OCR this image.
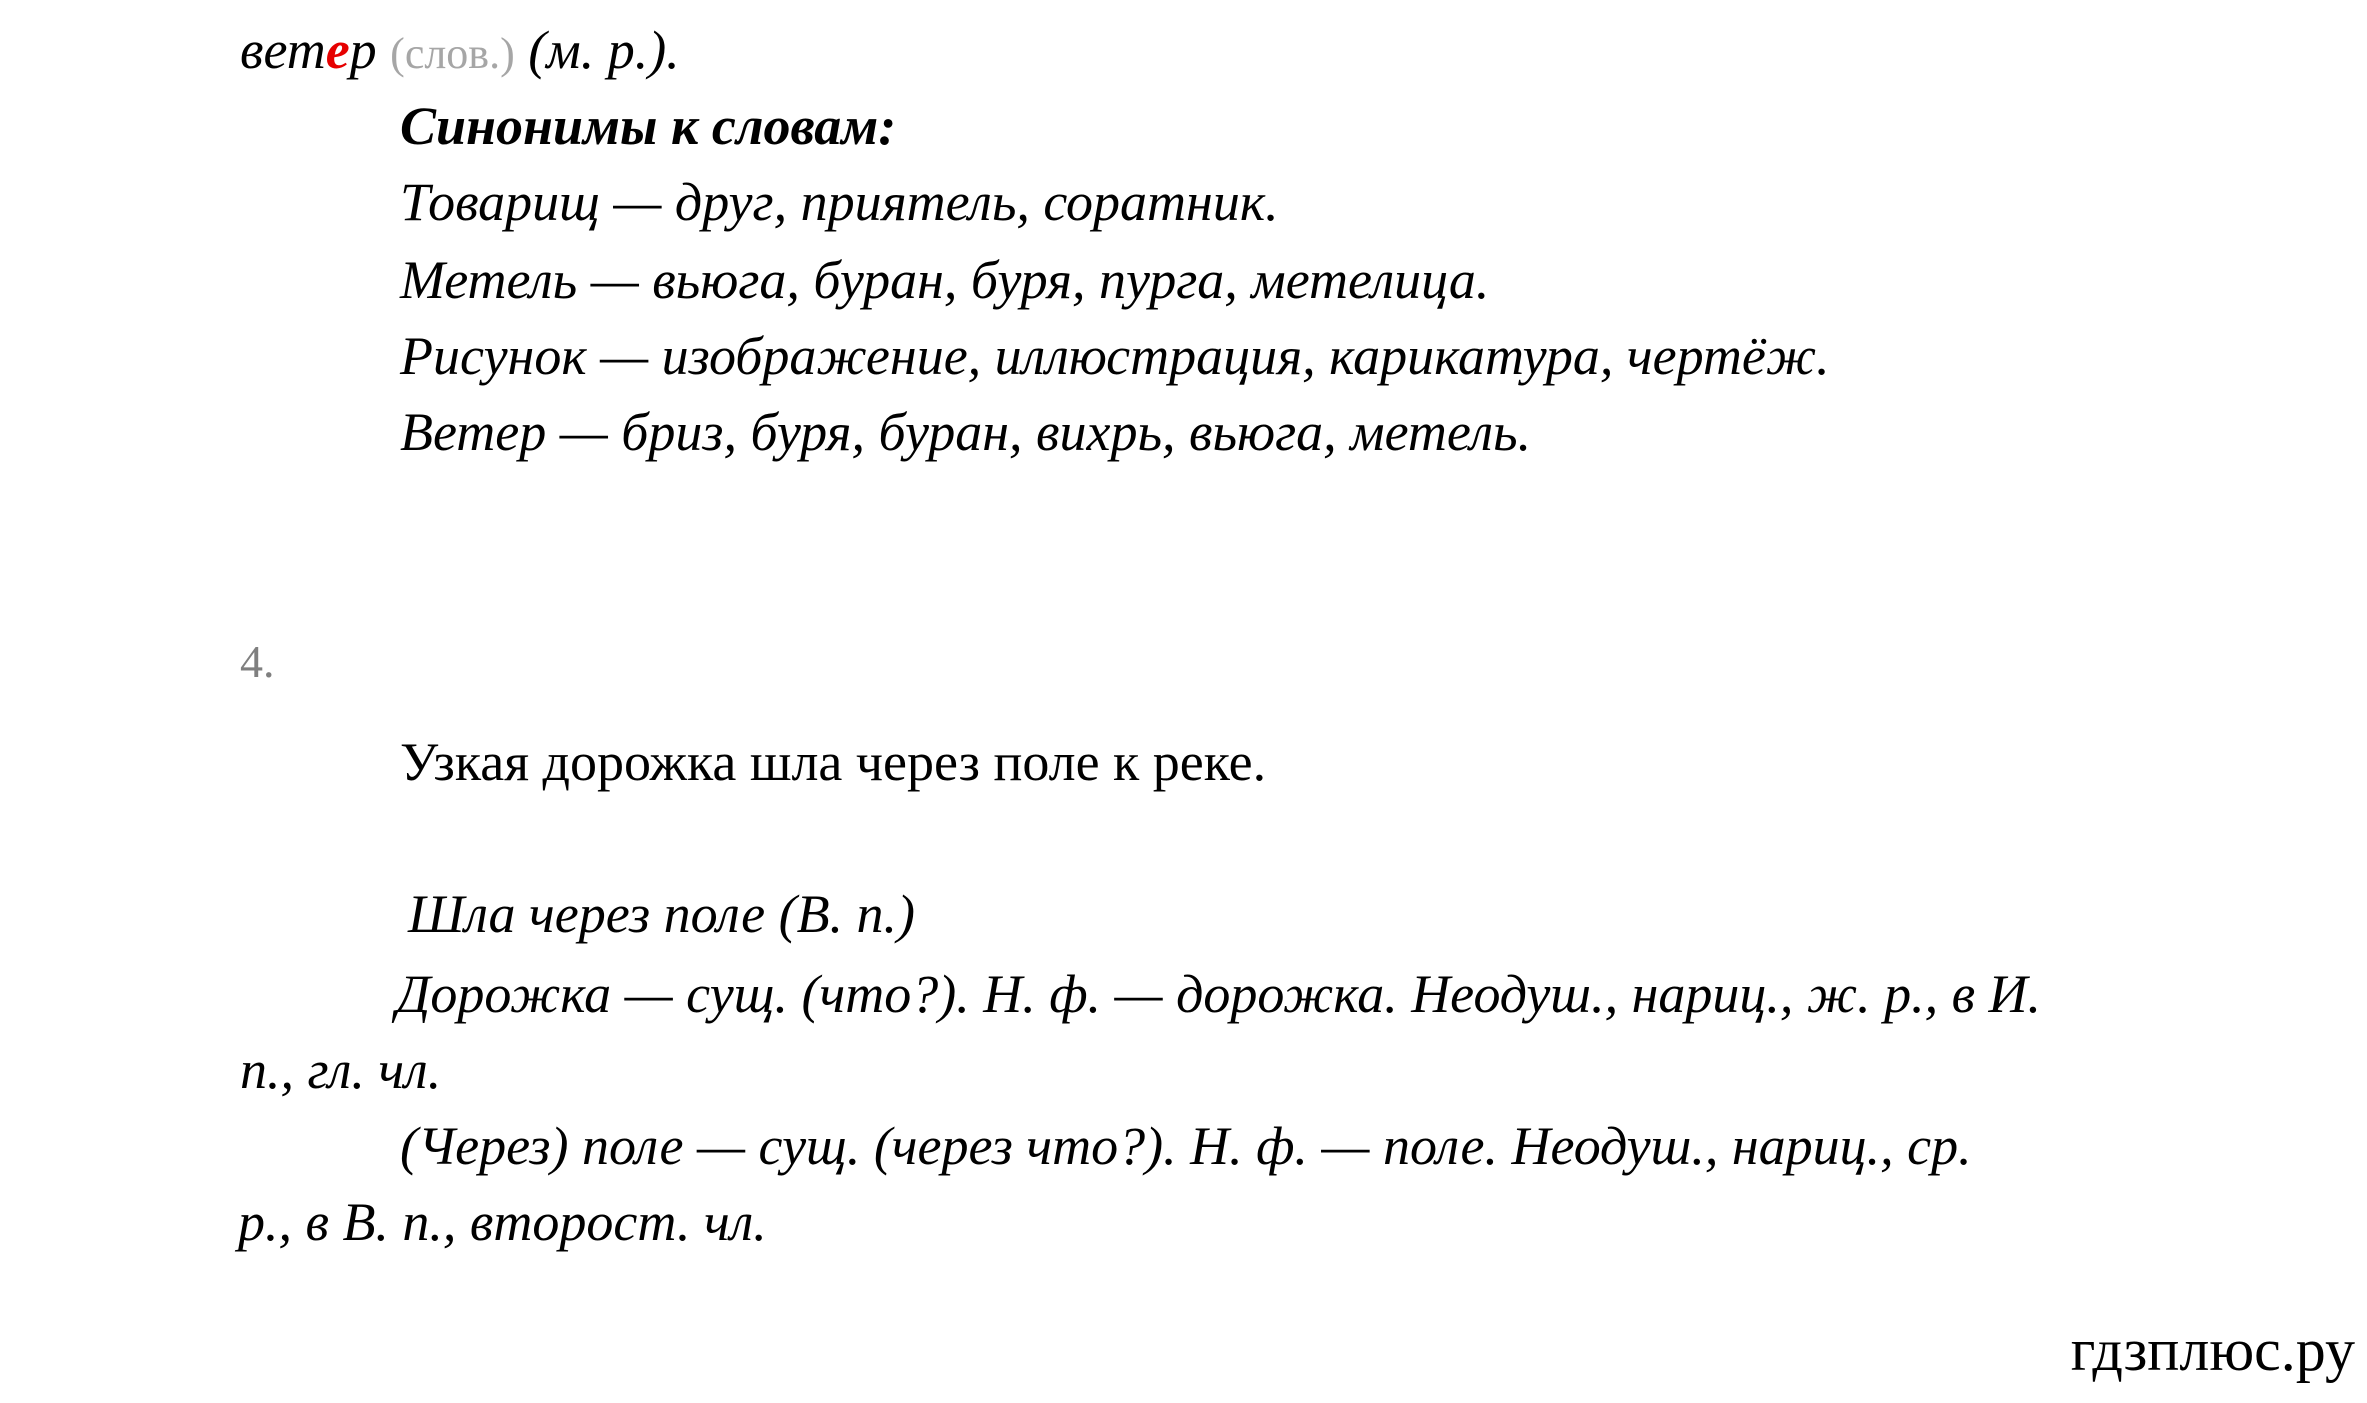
ветер (слов.) (м. р.).
Синонимы к словам:
Товарищ — друг, приятель, соратник.
Метель — вьюга, буран, буря, пурга, метелица.
Рисунок — изображение, иллюстрация, карикатура, чертёж.
Ветер — бриз, буря, буран, вихрь, вьюга, метель.
4.
Узкая дорожка шла через поле к реке.
Шла через поле (В. п.)
Дорожка — сущ. (что?). Н. ф. — дорожка. Неодуш., нариц., ж. р., в И.
п., гл. чл.
(Через) поле — сущ. (через что?). Н. ф. — поле. Неодуш., нариц., ср.
р., в В. п., второст. чл.
гдзплюс.ру
